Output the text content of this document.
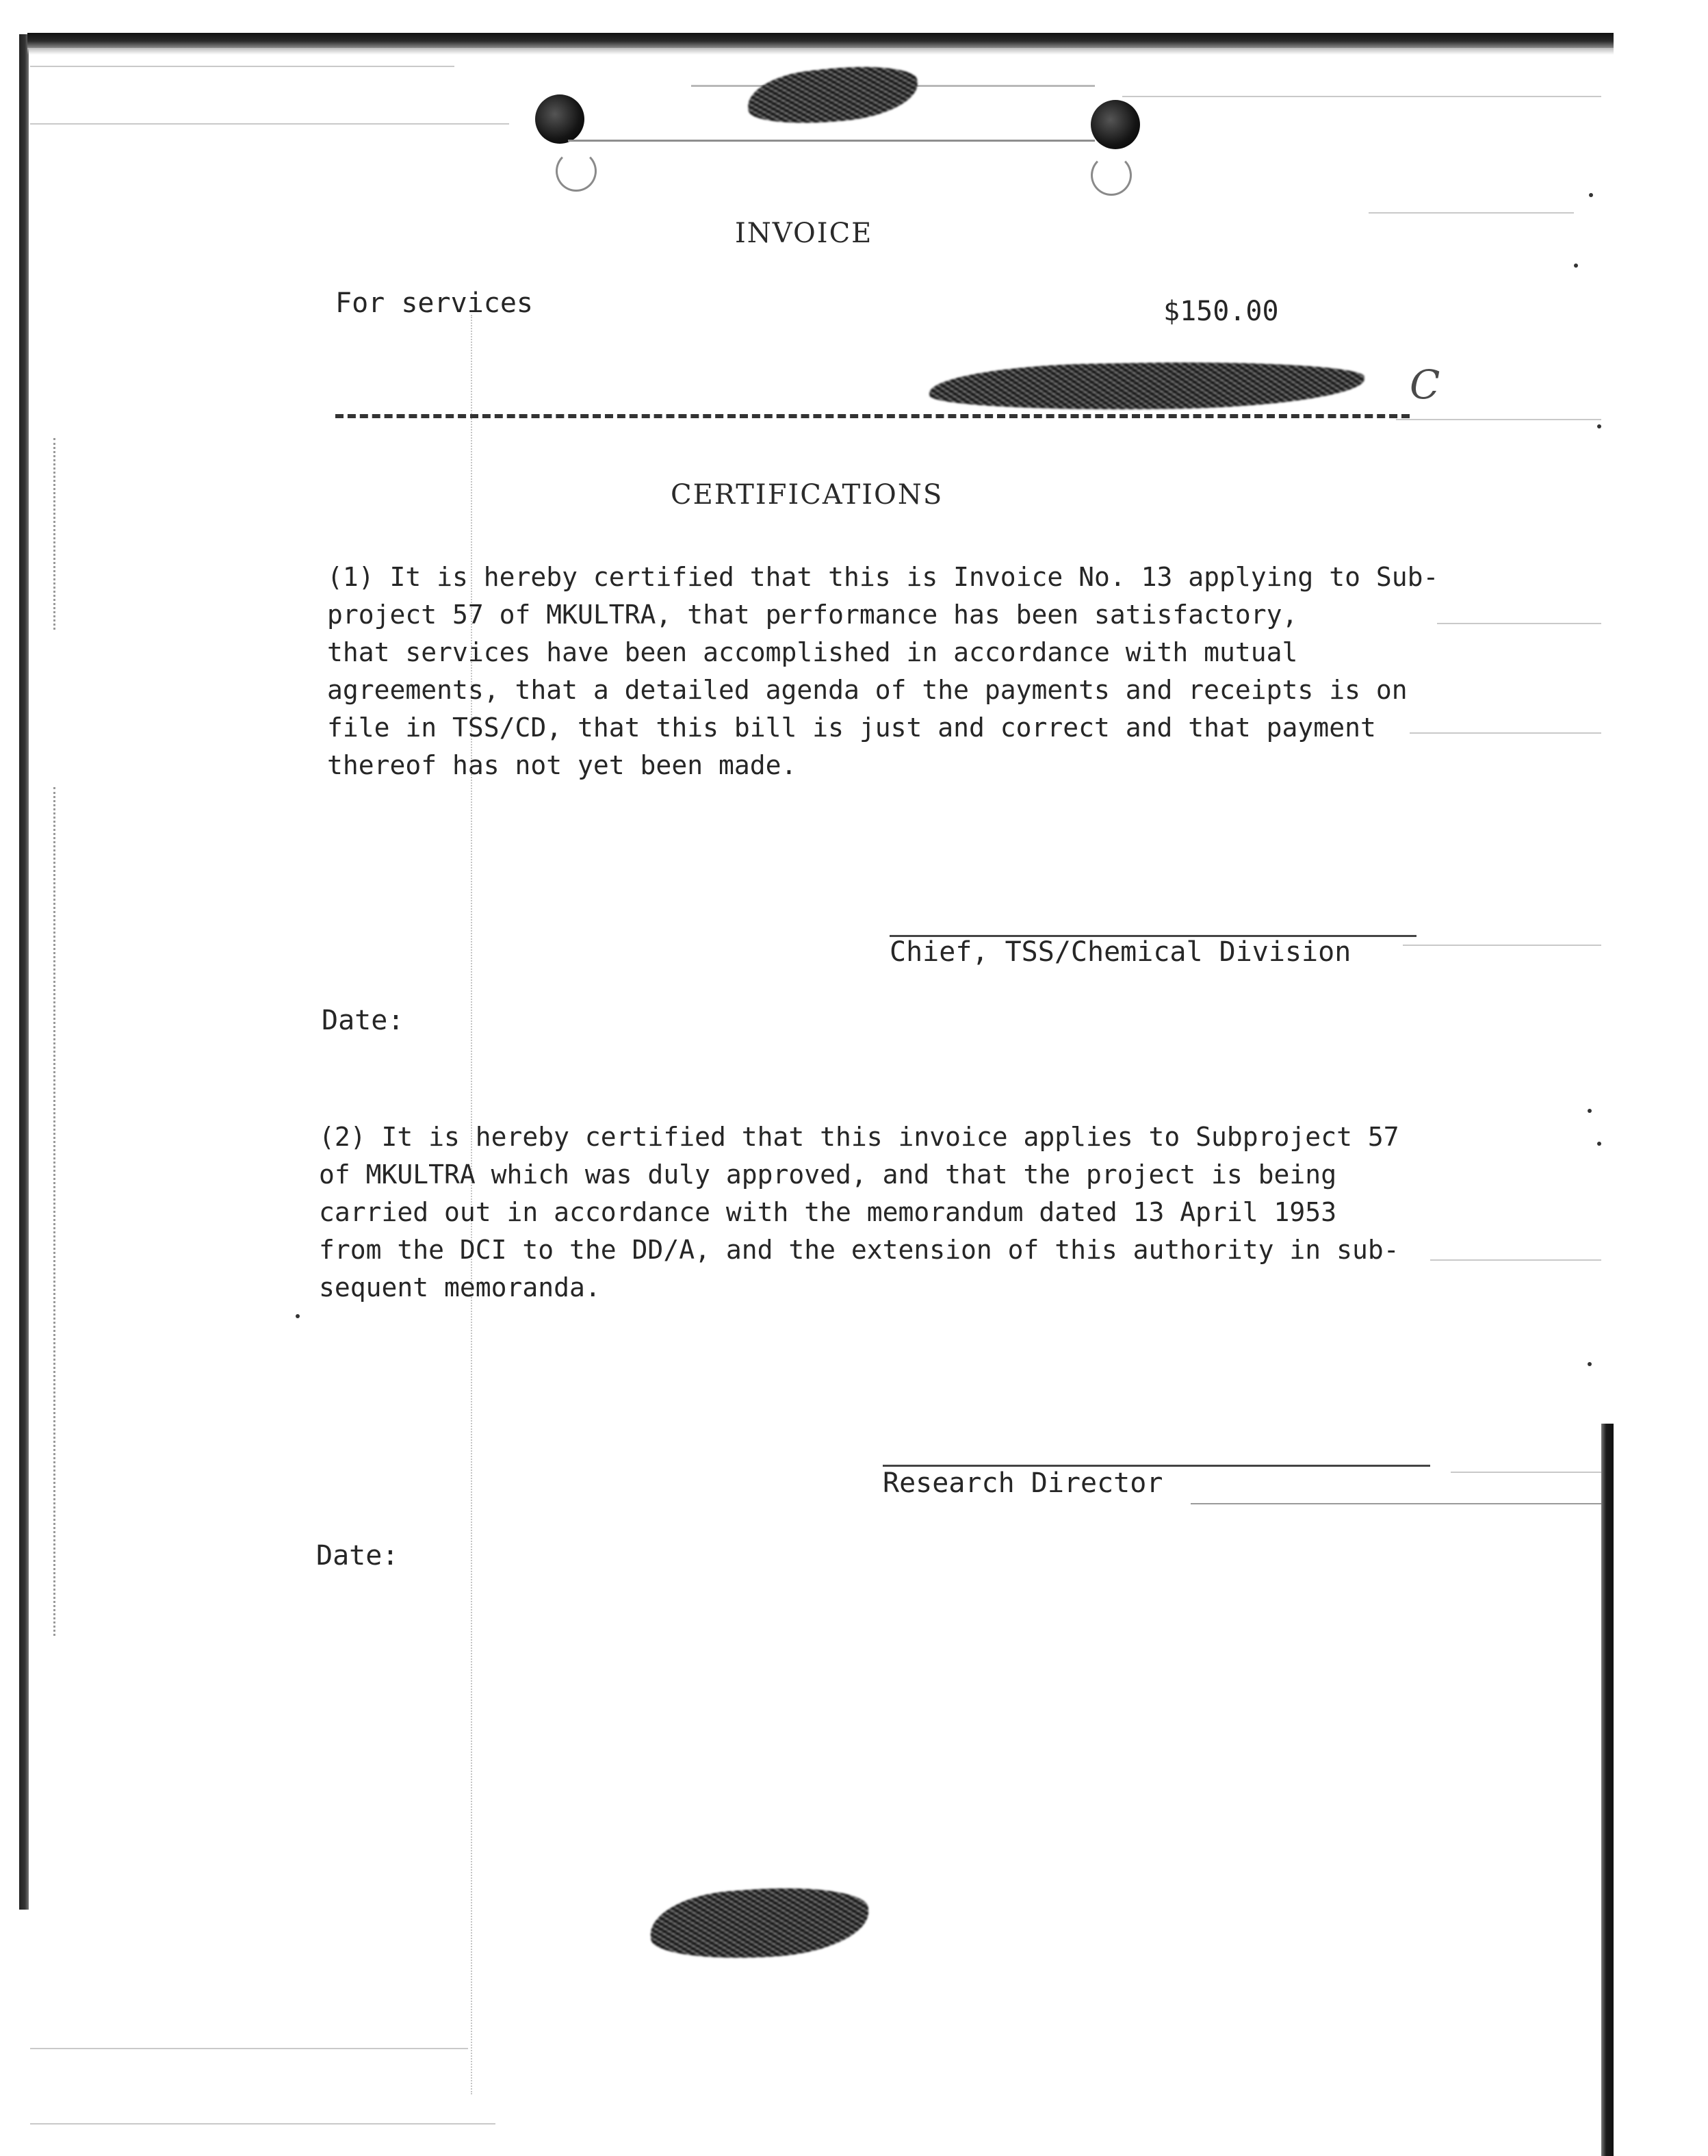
INVOICE
For services	$150.00
C
CERTIFICATIONS
(1) It is hereby certified that this is Invoice No. 13 applying to Sub-
project 57 of MKULTRA, that performance has been satisfactory,
that services have been accomplished in accordance with mutual
agreements, that a detailed agenda of the payments and receipts is on
file in TSS/CD, that this bill is just and correct and that payment
thereof has not yet been made.
Chief, TSS/Chemical Division
Date:
(2) It is hereby certified that this invoice applies to Subproject 57
of MKULTRA which was duly approved, and that the project is being
carried out in accordance with the memorandum dated 13 April 1953
from the DCI to the DD/A, and the extension of this authority in sub-
sequent memoranda.
Research Director
Date:
